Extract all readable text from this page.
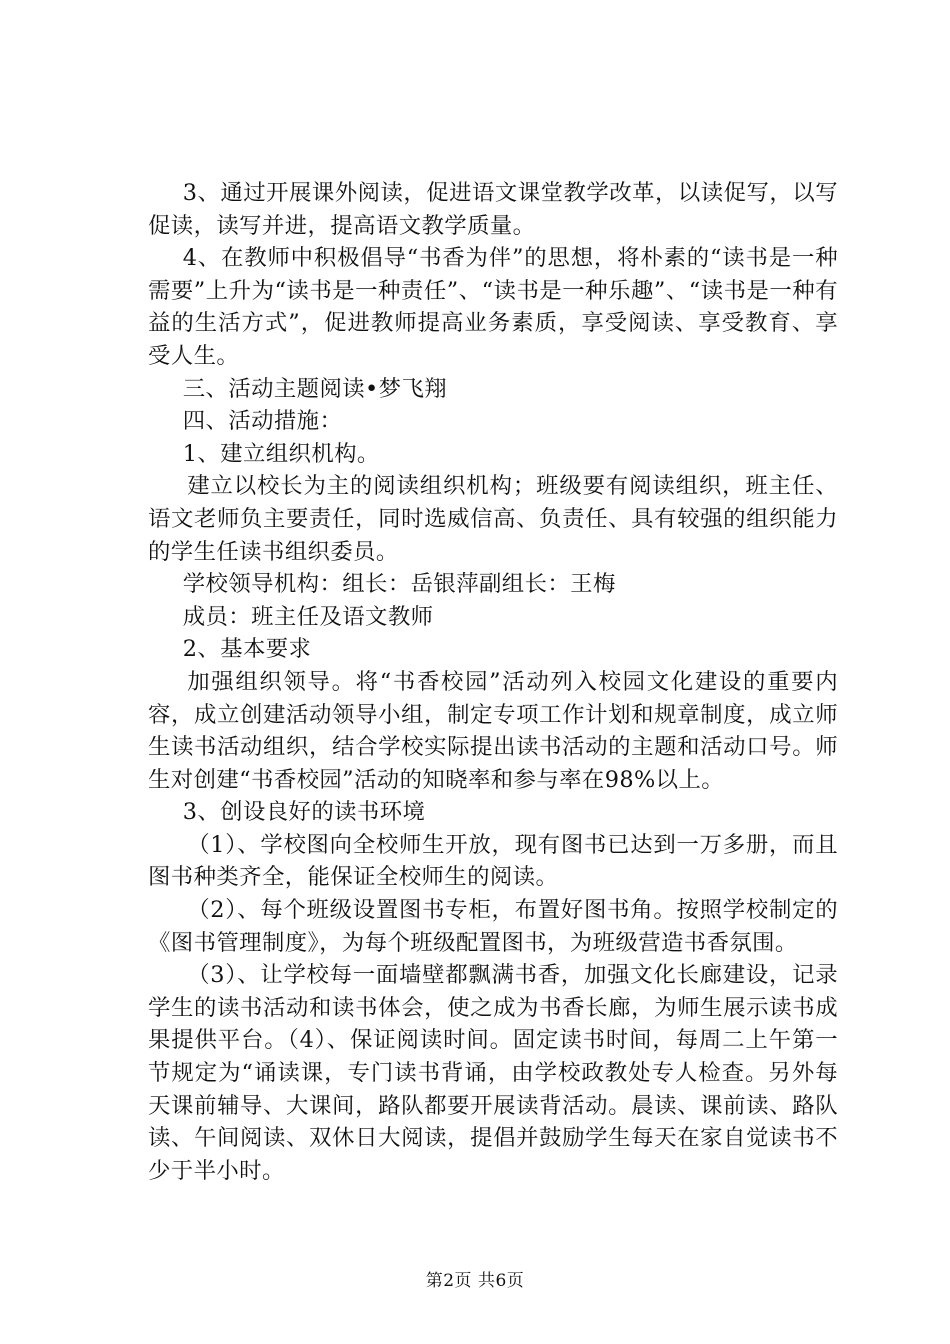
3、通过开展课外阅读，促进语文课堂教学改革，以读促写，以写促读，读写并进，提高语文教学质量。

4、在教师中积极倡导“书香为伴”的思想，将朴素的“读书是一种需要”上升为“读书是一种责任”、“读书是一种乐趣”、“读书是一种有益的生活方式”，促进教师提高业务素质，享受阅读、享受教育、享受人生。

三、活动主题阅读•梦飞翔

四、活动措施：

1、建立组织机构。

建立以校长为主的阅读组织机构；班级要有阅读组织，班主任、语文老师负主要责任，同时选威信高、负责任、具有较强的组织能力的学生任读书组织委员。

学校领导机构：组长：岳银萍副组长：王梅

成员：班主任及语文教师

2、基本要求

加强组织领导。将“书香校园”活动列入校园文化建设的重要内容，成立创建活动领导小组，制定专项工作计划和规章制度，成立师生读书活动组织，结合学校实际提出读书活动的主题和活动口号。师生对创建“书香校园”活动的知晓率和参与率在98%以上。

3、创设良好的读书环境

（1）、学校图向全校师生开放，现有图书已达到一万多册，而且图书种类齐全，能保证全校师生的阅读。

（2）、每个班级设置图书专柜，布置好图书角。按照学校制定的《图书管理制度》，为每个班级配置图书，为班级营造书香氛围。

（3）、让学校每一面墙壁都飘满书香，加强文化长廊建设，记录学生的读书活动和读书体会，使之成为书香长廊，为师生展示读书成果提供平台。（4）、保证阅读时间。固定读书时间，每周二上午第一节规定为“诵读课，专门读书背诵，由学校政教处专人检查。另外每天课前辅导、大课间，路队都要开展读背活动。晨读、课前读、路队读、午间阅读、双休日大阅读，提倡并鼓励学生每天在家自觉读书不少于半小时。

第2页 共6页
